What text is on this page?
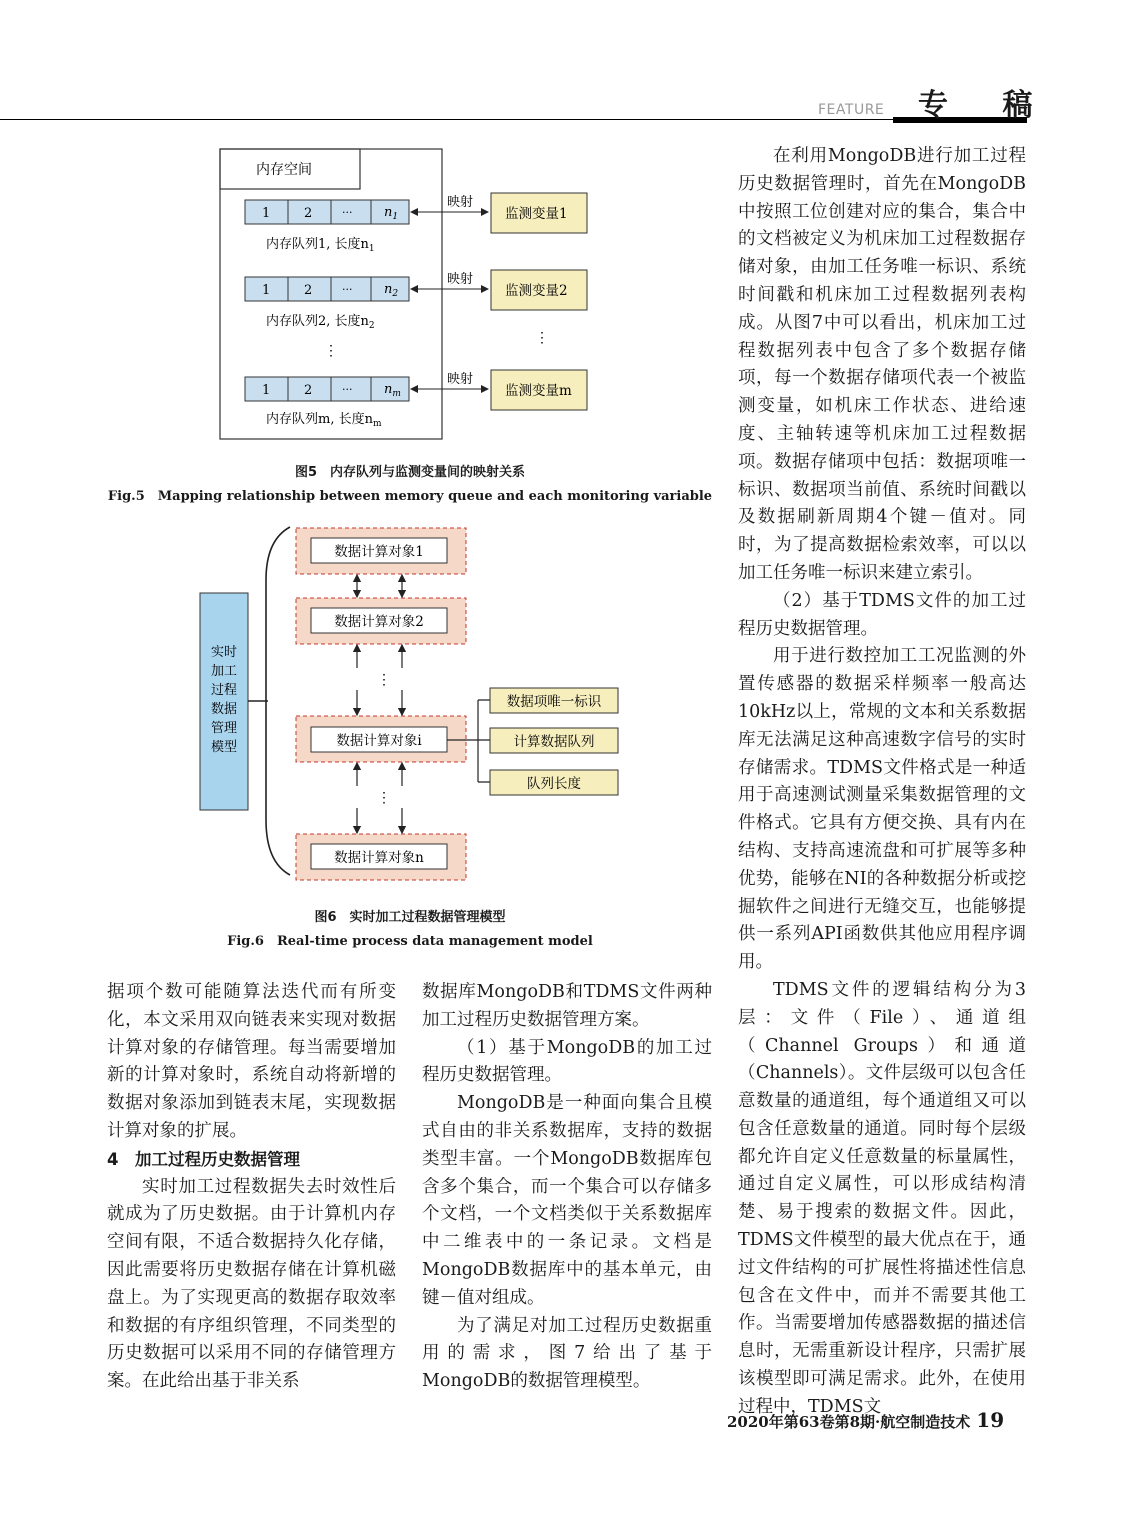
FEATURE 专 稿
内存空间
1	2	··· $n_1$
内存队列1, 长度$n_1$
映射
监测变量1
1	2	··· $n_2$
内存队列2, 长度$n_2$
映射
监测变量2
⋮
⋮
1	2	··· $n_m$
内存队列m, 长度$n_m$
映射
监测变量m
图5　内存队列与监测变量间的映射关系
Fig.5　Mapping relationship between memory queue and each monitoring variable
实时加工过程数据管理模型
数据计算对象1
数据计算对象2
数据计算对象i
数据计算对象n
⋮
⋮
数据项唯一标识
计算数据队列
队列长度
图6　实时加工过程数据管理模型
Fig.6　Real-time process data management model

据项个数可能随算法迭代而有所变化，本文采用双向链表来实现对数据计算对象的存储管理。每当需要增加新的计算对象时，系统自动将新增的数据对象添加到链表末尾，实现数据计算对象的扩展。

4　加工过程历史数据管理

实时加工过程数据失去时效性后就成为了历史数据。由于计算机内存空间有限，不适合数据持久化存储，因此需要将历史数据存储在计算机磁盘上。为了实现更高的数据存取效率和数据的有序组织管理，不同类型的历史数据可以采用不同的存储管理方案。在此给出基于非关系

数据库MongoDB和TDMS文件两种加工过程历史数据管理方案。

（1）基于MongoDB的加工过程历史数据管理。

MongoDB是一种面向集合且模式自由的非关系数据库，支持的数据类型丰富。一个MongoDB数据库包含多个集合，而一个集合可以存储多个文档，一个文档类似于关系数据库中二维表中的一条记录。文档是MongoDB数据库中的基本单元，由键－值对组成。

为了满足对加工过程历史数据重用的需求，图7给出了基于MongoDB的数据管理模型。

在利用MongoDB进行加工过程历史数据管理时，首先在MongoDB中按照工位创建对应的集合，集合中的文档被定义为机床加工过程数据存储对象，由加工任务唯一标识、系统时间戳和机床加工过程数据列表构成。从图7中可以看出，机床加工过程数据列表中包含了多个数据存储项，每一个数据存储项代表一个被监测变量，如机床工作状态、进给速度、主轴转速等机床加工过程数据项。数据存储项中包括：数据项唯一标识、数据项当前值、系统时间戳以及数据刷新周期4个键－值对。同时，为了提高数据检索效率，可以以加工任务唯一标识来建立索引。

（2）基于TDMS文件的加工过程历史数据管理。

用于进行数控加工工况监测的外置传感器的数据采样频率一般高达10kHz以上，常规的文本和关系数据库无法满足这种高速数字信号的实时存储需求。TDMS文件格式是一种适用于高速测试测量采集数据管理的文件格式。它具有方便交换、具有内在结构、支持高速流盘和可扩展等多种优势，能够在NI的各种数据分析或挖掘软件之间进行无缝交互，也能够提供一系列API函数供其他应用程序调用。

TDMS文件的逻辑结构分为3层：文件（File）、通道组（Channel Groups）和通道（Channels）。文件层级可以包含任意数量的通道组，每个通道组又可以包含任意数量的通道。同时每个层级都允许自定义任意数量的标量属性，通过自定义属性，可以形成结构清楚、易于搜索的数据文件。因此，TDMS文件模型的最大优点在于，通过文件结构的可扩展性将描述性信息包含在文件中，而并不需要其他工作。当需要增加传感器数据的描述信息时，无需重新设计程序，只需扩展该模型即可满足需求。此外，在使用过程中，TDMS文

2020年第63卷第8期·航空制造技术 19
